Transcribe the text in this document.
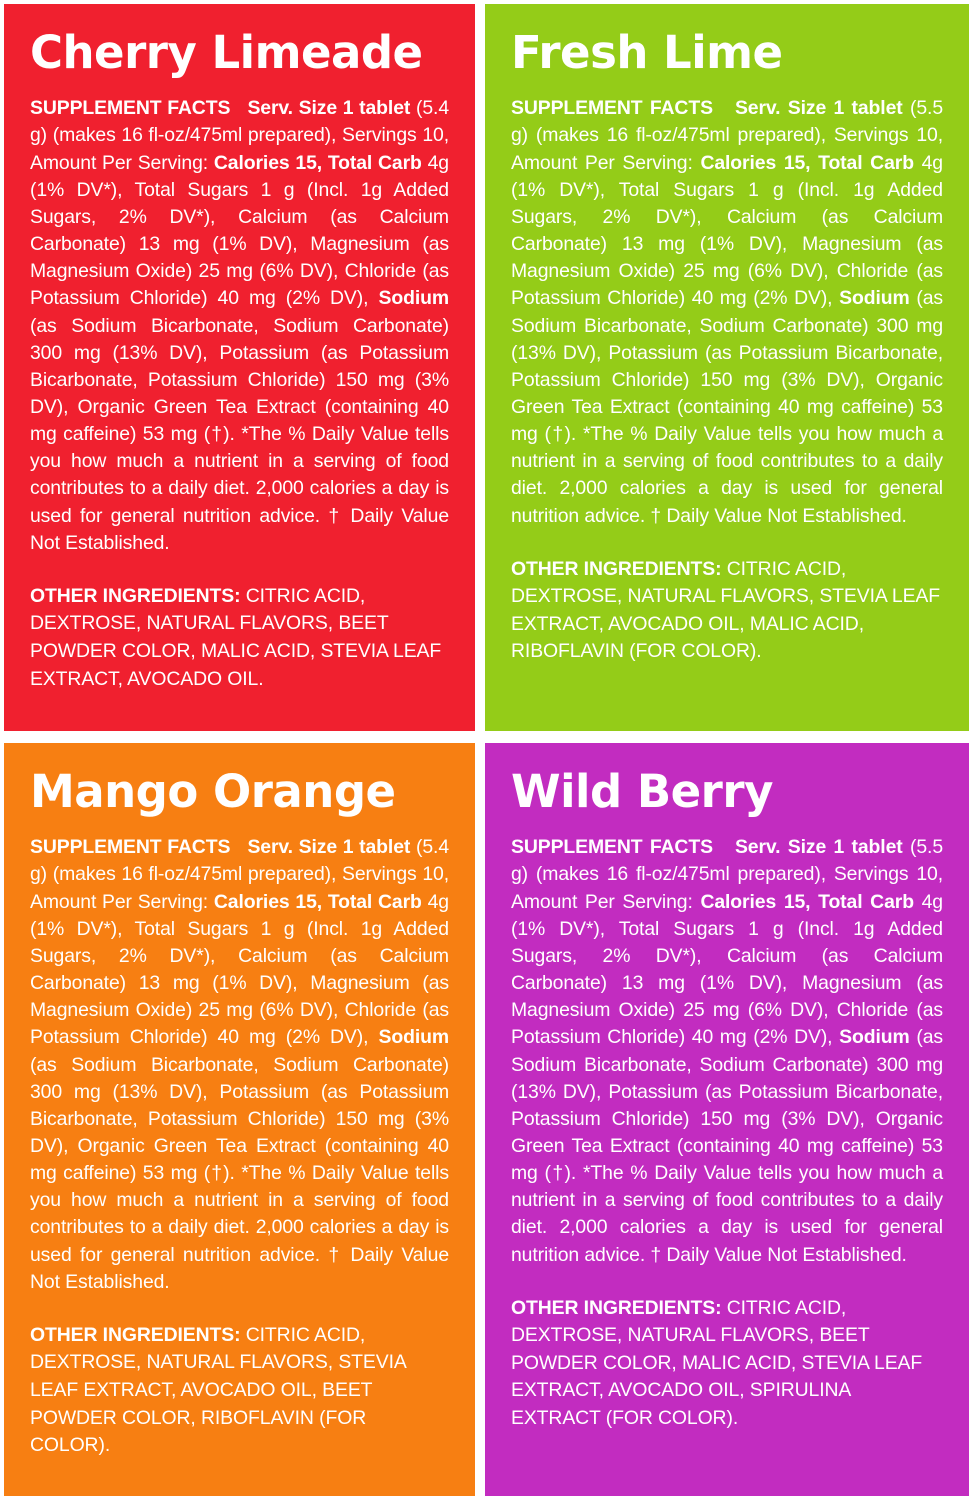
Cherry Limeade

SUPPLEMENT FACTS Serv. Size 1 tablet (5.4 g) (makes 16 fl-oz/475ml prepared), Servings 10, Amount Per Serving: Calories 15, Total Carb 4g (1% DV*), Total Sugars 1 g (Incl. 1g Added Sugars, 2% DV*), Calcium (as Calcium Carbonate) 13 mg (1% DV), Magnesium (as Magnesium Oxide) 25 mg (6% DV), Chloride (as Potassium Chloride) 40 mg (2% DV), Sodium (as Sodium Bicarbonate, Sodium Carbonate) 300 mg (13% DV), Potassium (as Potassium Bicarbonate, Potassium Chloride) 150 mg (3% DV), Organic Green Tea Extract (containing 40 mg caffeine) 53 mg (†). *The % Daily Value tells you how much a nutrient in a serving of food contributes to a daily diet. 2,000 calories a day is used for general nutrition advice. † Daily Value Not Established.

OTHER INGREDIENTS: CITRIC ACID, DEXTROSE, NATURAL FLAVORS, BEET POWDER COLOR, MALIC ACID, STEVIA LEAF EXTRACT, AVOCADO OIL.

Fresh Lime

SUPPLEMENT FACTS Serv. Size 1 tablet (5.5 g) (makes 16 fl-oz/475ml prepared), Servings 10, Amount Per Serving: Calories 15, Total Carb 4g (1% DV*), Total Sugars 1 g (Incl. 1g Added Sugars, 2% DV*), Calcium (as Calcium Carbonate) 13 mg (1% DV), Magnesium (as Magnesium Oxide) 25 mg (6% DV), Chloride (as Potassium Chloride) 40 mg (2% DV), Sodium (as Sodium Bicarbonate, Sodium Carbonate) 300 mg (13% DV), Potassium (as Potassium Bicarbonate, Potassium Chloride) 150 mg (3% DV), Organic Green Tea Extract (containing 40 mg caffeine) 53 mg (†). *The % Daily Value tells you how much a nutrient in a serving of food contributes to a daily diet. 2,000 calories a day is used for general nutrition advice. † Daily Value Not Established.

OTHER INGREDIENTS: CITRIC ACID, DEXTROSE, NATURAL FLAVORS, STEVIA LEAF EXTRACT, AVOCADO OIL, MALIC ACID, RIBOFLAVIN (FOR COLOR).

Mango Orange

SUPPLEMENT FACTS Serv. Size 1 tablet (5.4 g) (makes 16 fl-oz/475ml prepared), Servings 10, Amount Per Serving: Calories 15, Total Carb 4g (1% DV*), Total Sugars 1 g (Incl. 1g Added Sugars, 2% DV*), Calcium (as Calcium Carbonate) 13 mg (1% DV), Magnesium (as Magnesium Oxide) 25 mg (6% DV), Chloride (as Potassium Chloride) 40 mg (2% DV), Sodium (as Sodium Bicarbonate, Sodium Carbonate) 300 mg (13% DV), Potassium (as Potassium Bicarbonate, Potassium Chloride) 150 mg (3% DV), Organic Green Tea Extract (containing 40 mg caffeine) 53 mg (†). *The % Daily Value tells you how much a nutrient in a serving of food contributes to a daily diet. 2,000 calories a day is used for general nutrition advice. † Daily Value Not Established.

OTHER INGREDIENTS: CITRIC ACID, DEXTROSE, NATURAL FLAVORS, STEVIA LEAF EXTRACT, AVOCADO OIL, BEET POWDER COLOR, RIBOFLAVIN (FOR COLOR).

Wild Berry

SUPPLEMENT FACTS Serv. Size 1 tablet (5.5 g) (makes 16 fl-oz/475ml prepared), Servings 10, Amount Per Serving: Calories 15, Total Carb 4g (1% DV*), Total Sugars 1 g (Incl. 1g Added Sugars, 2% DV*), Calcium (as Calcium Carbonate) 13 mg (1% DV), Magnesium (as Magnesium Oxide) 25 mg (6% DV), Chloride (as Potassium Chloride) 40 mg (2% DV), Sodium (as Sodium Bicarbonate, Sodium Carbonate) 300 mg (13% DV), Potassium (as Potassium Bicarbonate, Potassium Chloride) 150 mg (3% DV), Organic Green Tea Extract (containing 40 mg caffeine) 53 mg (†). *The % Daily Value tells you how much a nutrient in a serving of food contributes to a daily diet. 2,000 calories a day is used for general nutrition advice. † Daily Value Not Established.

OTHER INGREDIENTS: CITRIC ACID, DEXTROSE, NATURAL FLAVORS, BEET POWDER COLOR, MALIC ACID, STEVIA LEAF EXTRACT, AVOCADO OIL, SPIRULINA EXTRACT (FOR COLOR).
